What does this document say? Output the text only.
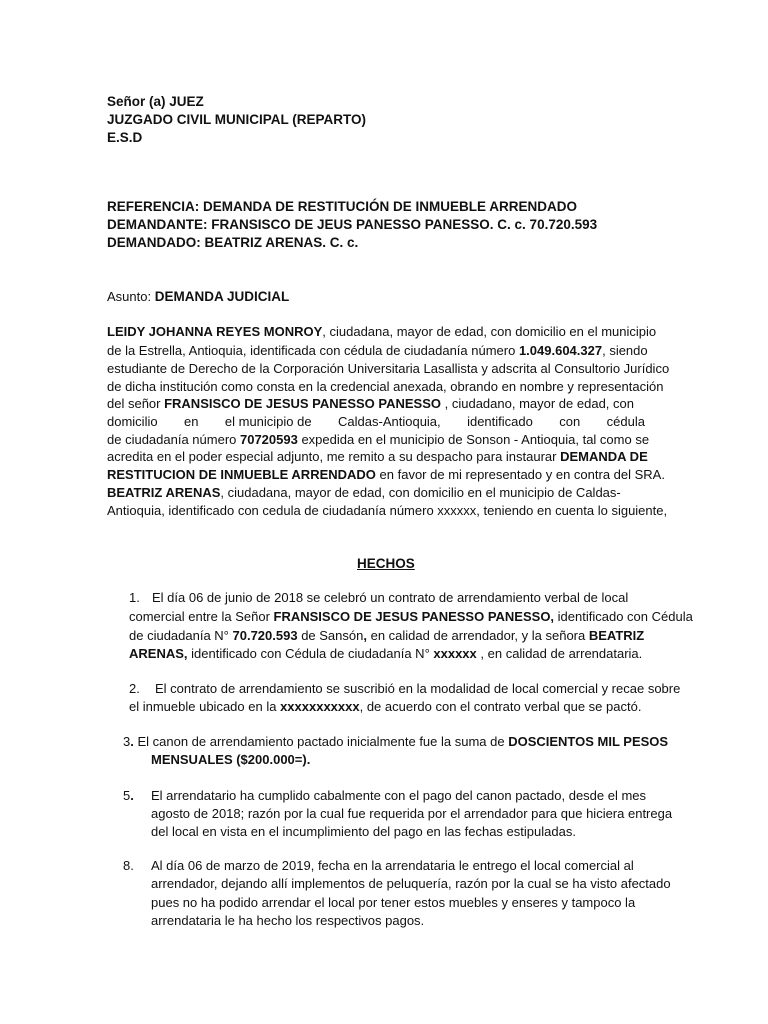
Señor (a) JUEZ
JUZGADO CIVIL MUNICIPAL (REPARTO)
E.S.D
REFERENCIA: DEMANDA DE RESTITUCIÓN DE INMUEBLE ARRENDADO
DEMANDANTE: FRANSISCO DE JEUS PANESSO PANESSO. C. c. 70.720.593
DEMANDADO: BEATRIZ ARENAS. C. c.
Asunto: DEMANDA JUDICIAL
LEIDY JOHANNA REYES MONROY, ciudadana, mayor de edad, con domicilio en el municipio
de la Estrella, Antioquia, identificada con cédula de ciudadanía número 1.049.604.327, siendo
estudiante de Derecho de la Corporación Universitaria Lasallista y adscrita al Consultorio Jurídico
de dicha institución como consta en la credencial anexada, obrando en nombre y representación
del señor FRANSISCO DE JESUS PANESSO PANESSO , ciudadano, mayor de edad, con
domicilio en el municipio de Caldas-Antioquia, identificado con cédula
de ciudadanía número 70720593 expedida en el municipio de Sonson - Antioquia, tal como se
acredita en el poder especial adjunto, me remito a su despacho para instaurar DEMANDA DE
RESTITUCION DE INMUEBLE ARRENDADO en favor de mi representado y en contra del SRA.
BEATRIZ ARENAS, ciudadana, mayor de edad, con domicilio en el municipio de Caldas-
Antioquia, identificado con cedula de ciudadanía número xxxxxx, teniendo en cuenta lo siguiente,
HECHOS
1. El día 06 de junio de 2018 se celebró un contrato de arrendamiento verbal de local
comercial entre la Señor FRANSISCO DE JESUS PANESSO PANESSO, identificado con Cédula
de ciudadanía N° 70.720.593 de Sansón, en calidad de arrendador, y la señora BEATRIZ
ARENAS, identificado con Cédula de ciudadanía N° xxxxxx , en calidad de arrendataria.
2. El contrato de arrendamiento se suscribió en la modalidad de local comercial y recae sobre
el inmueble ubicado en la xxxxxxxxxxx, de acuerdo con el contrato verbal que se pactó.
3. El canon de arrendamiento pactado inicialmente fue la suma de DOSCIENTOS MIL PESOS
MENSUALES ($200.000=).
5. El arrendatario ha cumplido cabalmente con el pago del canon pactado, desde el mes
agosto de 2018; razón por la cual fue requerida por el arrendador para que hiciera entrega
del local en vista en el incumplimiento del pago en las fechas estipuladas.
8. Al día 06 de marzo de 2019, fecha en la arrendataria le entrego el local comercial al
arrendador, dejando allí implementos de peluquería, razón por la cual se ha visto afectado
pues no ha podido arrendar el local por tener estos muebles y enseres y tampoco la
arrendataria le ha hecho los respectivos pagos.
